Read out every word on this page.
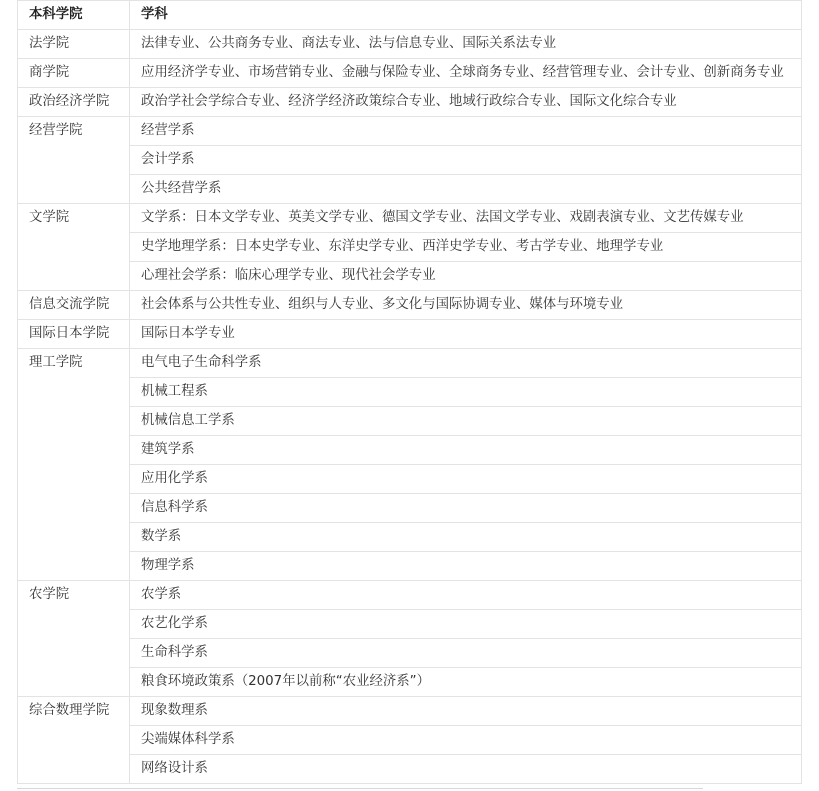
本科学院	学科
法学院	法律专业、公共商务专业、商法专业、法与信息专业、国际关系法专业
商学院	应用经济学专业、市场营销专业、金融与保险专业、全球商务专业、经营管理专业、会计专业、创新商务专业
政治经济学院	政治学社会学综合专业、经济学经济政策综合专业、地域行政综合专业、国际文化综合专业
经营学院	经营学系
	会计学系
	公共经营学系
文学院	文学系：日本文学专业、英美文学专业、德国文学专业、法国文学专业、戏剧表演专业、文艺传媒专业
	史学地理学系：日本史学专业、东洋史学专业、西洋史学专业、考古学专业、地理学专业
	心理社会学系：临床心理学专业、现代社会学专业
信息交流学院	社会体系与公共性专业、组织与人专业、多文化与国际协调专业、媒体与环境专业
国际日本学院	国际日本学专业
理工学院	电气电子生命科学系
	机械工程系
	机械信息工学系
	建筑学系
	应用化学系
	信息科学系
	数学系
	物理学系
农学院	农学系
	农艺化学系
	生命科学系
	粮食环境政策系（2007年以前称“农业经济系”）
综合数理学院	现象数理系
	尖端媒体科学系
	网络设计系
